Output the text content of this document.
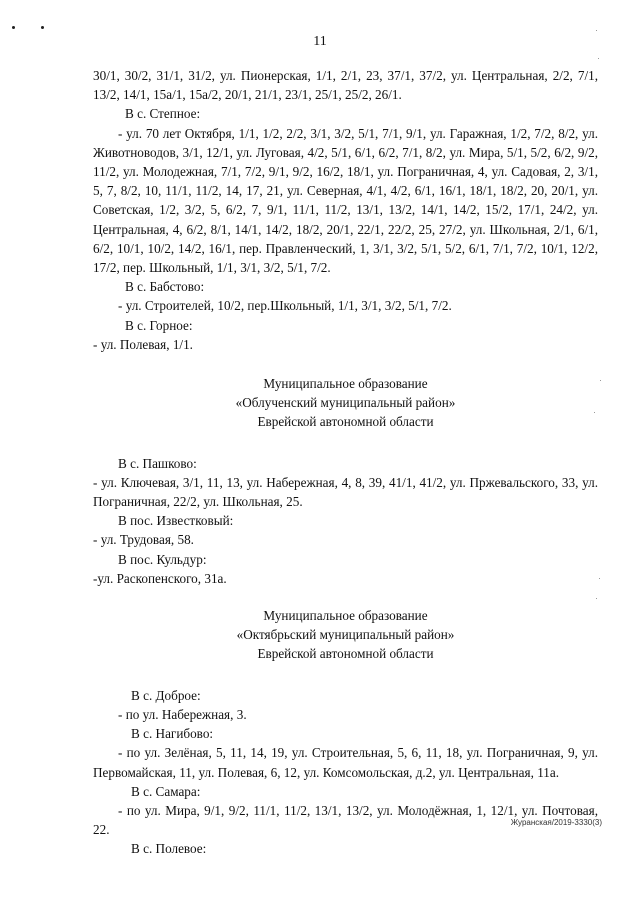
11

30/1, 30/2, 31/1, 31/2, ул. Пионерская, 1/1, 2/1, 23, 37/1, 37/2, ул. Центральная, 2/2, 7/1, 13/2, 14/1, 15а/1, 15а/2, 20/1, 21/1, 23/1, 25/1, 25/2, 26/1.

В с. Степное:

- ул. 70 лет Октября, 1/1, 1/2, 2/2, 3/1, 3/2, 5/1, 7/1, 9/1, ул. Гаражная, 1/2, 7/2, 8/2, ул. Животноводов, 3/1, 12/1, ул. Луговая, 4/2, 5/1, 6/1, 6/2, 7/1, 8/2, ул. Мира, 5/1, 5/2, 6/2, 9/2, 11/2, ул. Молодежная, 7/1, 7/2, 9/1, 9/2, 16/2, 18/1, ул. Пограничная, 4, ул. Садовая, 2, 3/1, 5, 7, 8/2, 10, 11/1, 11/2, 14, 17, 21, ул. Северная, 4/1, 4/2, 6/1, 16/1, 18/1, 18/2, 20, 20/1, ул. Советская, 1/2, 3/2, 5, 6/2, 7, 9/1, 11/1, 11/2, 13/1, 13/2, 14/1, 14/2, 15/2, 17/1, 24/2, ул. Центральная, 4, 6/2, 8/1, 14/1, 14/2, 18/2, 20/1, 22/1, 22/2, 25, 27/2, ул. Школьная, 2/1, 6/1, 6/2, 10/1, 10/2, 14/2, 16/1, пер. Правленческий, 1, 3/1, 3/2, 5/1, 5/2, 6/1, 7/1, 7/2, 10/1, 12/2, 17/2, пер. Школьный, 1/1, 3/1, 3/2, 5/1, 7/2.

В с. Бабстово:

- ул. Строителей, 10/2, пер.Школьный, 1/1, 3/1, 3/2, 5/1, 7/2.

В с. Горное:

- ул. Полевая, 1/1.

Муниципальное образование

«Облученский муниципальный район»

Еврейской автономной области

В с. Пашково:

- ул. Ключевая, 3/1, 11, 13, ул. Набережная, 4, 8, 39, 41/1, 41/2, ул. Пржевальского, 33, ул. Пограничная, 22/2, ул. Школьная, 25.

В пос. Известковый:

- ул. Трудовая, 58.

В пос. Кульдур:

-ул. Раскопенского, 31а.

Муниципальное образование

«Октябрьский муниципальный район»

Еврейской автономной области

В с. Доброе:

- по ул. Набережная, 3.

В с. Нагибово:

- по ул. Зелёная, 5, 11, 14, 19, ул. Строительная, 5, 6, 11, 18, ул. Пограничная, 9, ул. Первомайская, 11, ул. Полевая, 6, 12, ул. Комсомольская, д.2, ул. Центральная, 11а.

В с. Самара:

- по ул. Мира, 9/1, 9/2, 11/1, 11/2, 13/1, 13/2, ул. Молодёжная, 1, 12/1, ул. Почтовая, 22.

В с. Полевое:

Журанская/2019-3330(3)
